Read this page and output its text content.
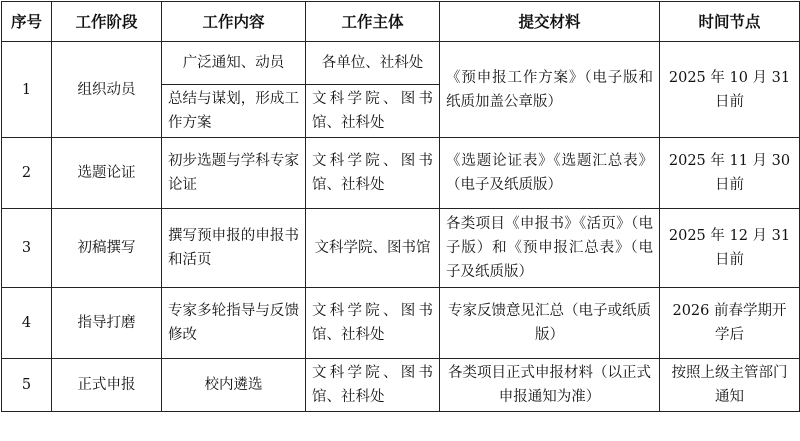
序号	工作阶段	工作内容	工作主体	提交材料	时间节点
1	组织动员	广泛通知、动员	各单位、社科处	《预申报工作方案》（电子版和纸质加盖公章版）	2025 年 10 月 31 日前
		总结与谋划，形成工作方案	文科学院、图书馆、社科处		
2	选题论证	初步选题与学科专家论证	文科学院、图书馆、社科处	《选题论证表》《选题汇总表》（电子及纸质版）	2025 年 11 月 30 日前
3	初稿撰写	撰写预申报的申报书和活页	文科学院、图书馆	各类项目《申报书》《活页》（电子版）和《预申报汇总表》（电子及纸质版）	2025 年 12 月 31 日前
4	指导打磨	专家多轮指导与反馈修改	文科学院、图书馆、社科处	专家反馈意见汇总（电子或纸质版）	2026 前春学期开学后
5	正式申报	校内遴选	文科学院、图书馆、社科处	各类项目正式申报材料（以正式申报通知为准）	按照上级主管部门通知
